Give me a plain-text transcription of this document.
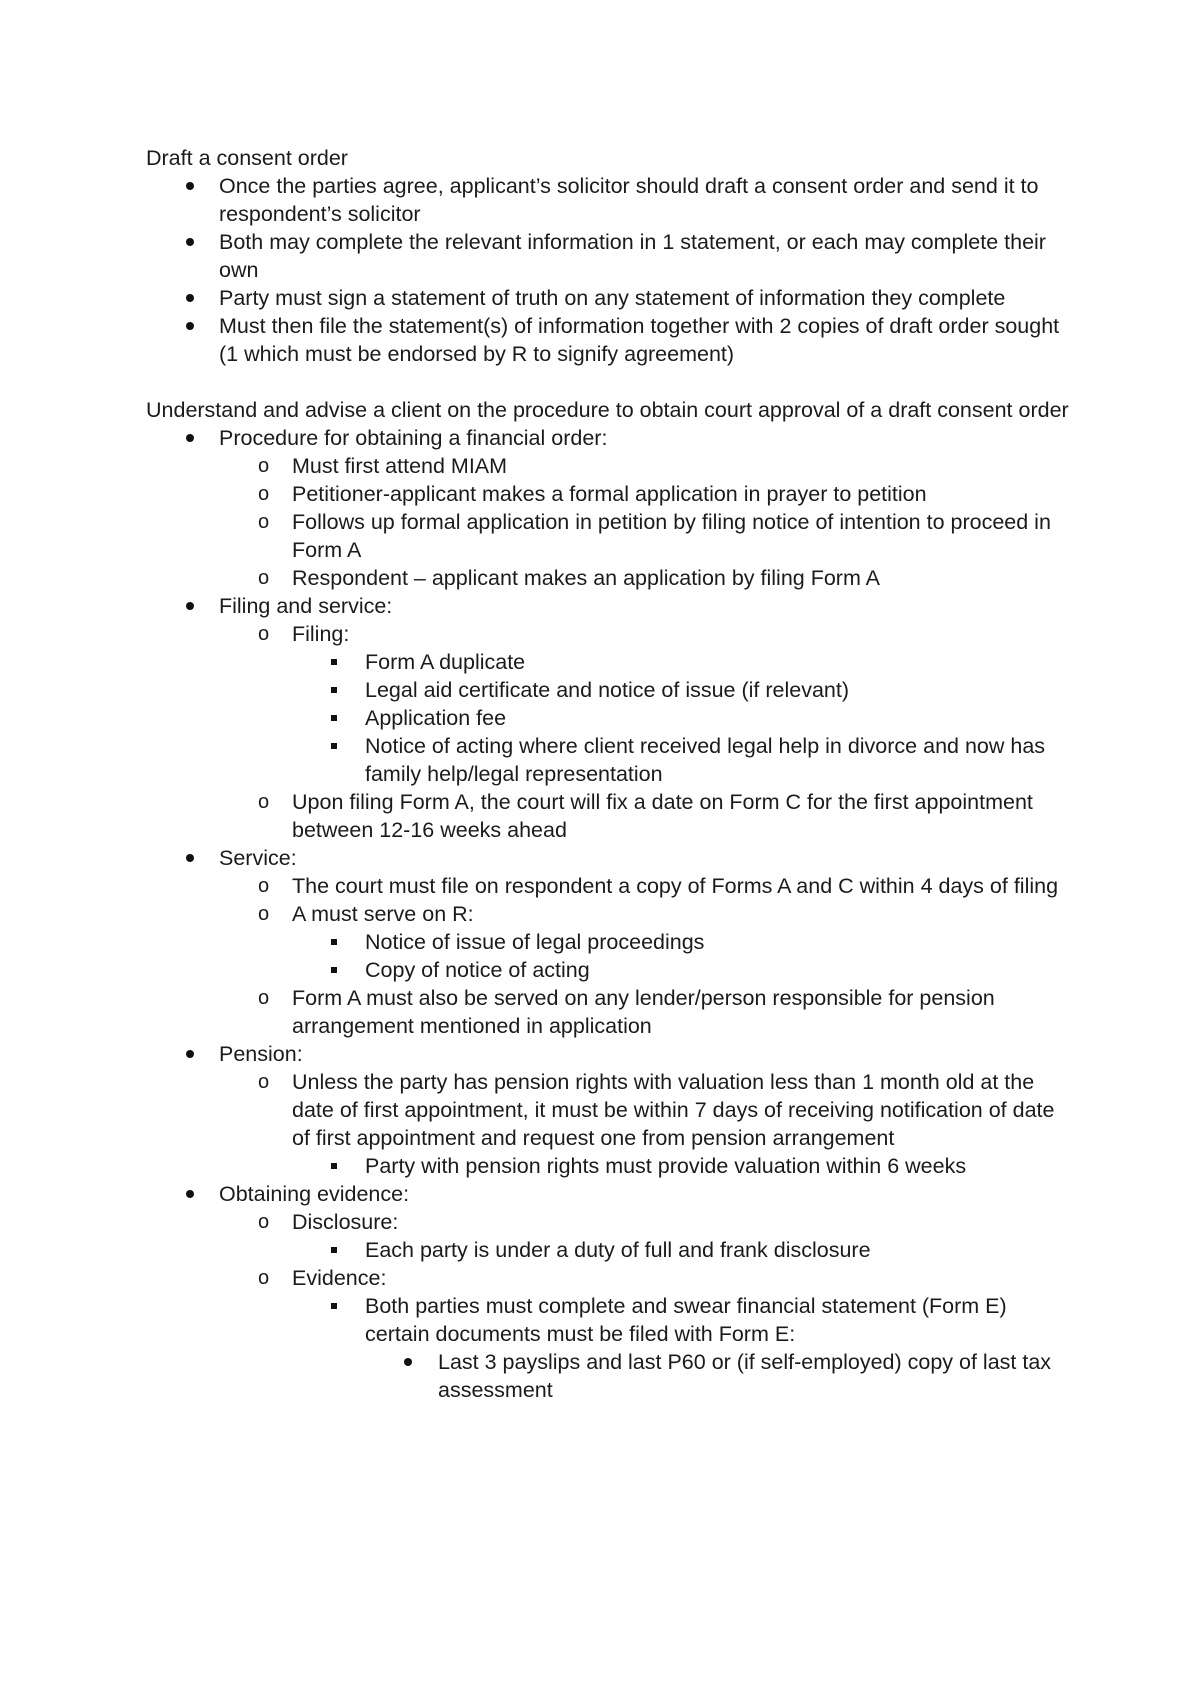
Draft a consent order

Once the parties agree, applicant’s solicitor should draft a consent order and send it to respondent’s solicitor
Both may complete the relevant information in 1 statement, or each may complete their own
Party must sign a statement of truth on any statement of information they complete
Must then file the statement(s) of information together with 2 copies of draft order sought (1 which must be endorsed by R to signify agreement)

Understand and advise a client on the procedure to obtain court approval of a draft consent order

Procedure for obtaining a financial order:
o Must first attend MIAM
o Petitioner-applicant makes a formal application in prayer to petition
o Follows up formal application in petition by filing notice of intention to proceed in Form A
o Respondent – applicant makes an application by filing Form A
Filing and service:
o Filing:
Form A duplicate
Legal aid certificate and notice of issue (if relevant)
Application fee
Notice of acting where client received legal help in divorce and now has family help/legal representation
o Upon filing Form A, the court will fix a date on Form C for the first appointment between 12-16 weeks ahead
Service:
o The court must file on respondent a copy of Forms A and C within 4 days of filing
o A must serve on R:
Notice of issue of legal proceedings
Copy of notice of acting
o Form A must also be served on any lender/person responsible for pension arrangement mentioned in application
Pension:
o Unless the party has pension rights with valuation less than 1 month old at the date of first appointment, it must be within 7 days of receiving notification of date of first appointment and request one from pension arrangement
Party with pension rights must provide valuation within 6 weeks
Obtaining evidence:
o Disclosure:
Each party is under a duty of full and frank disclosure
o Evidence:
Both parties must complete and swear financial statement (Form E) certain documents must be filed with Form E:
Last 3 payslips and last P60 or (if self-employed) copy of last tax assessment
